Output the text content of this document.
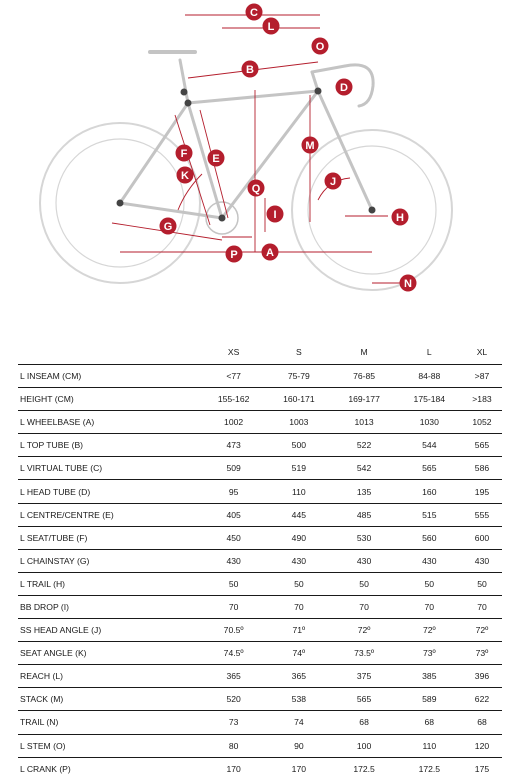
C
L
O
B
D
M
F E
K
Q
J
I	H
G
A
P
N
	XS	S	M	L	XL
L INSEAM (CM)	<77	75-79	76-85	84-88	>87
HEIGHT (CM)	155-162	160-171	169-177	175-184	>183
L WHEELBASE (A)	1002	1003	1013	1030	1052
L TOP TUBE (B)	473	500	522	544	565
L VIRTUAL TUBE (C)	509	519	542	565	586
L HEAD TUBE (D)	95	110	135	160	195
L CENTRE/CENTRE (E)	405	445	485	515	555
L SEAT/TUBE (F)	450	490	530	560	600
L CHAINSTAY (G)	430	430	430	430	430
L TRAIL (H)	50	50	50	50	50
BB DROP (I)	70	70	70	70	70
SS HEAD ANGLE (J)	70.5º	71º	72º	72º	72º
SEAT ANGLE (K)	74.5º	74º	73.5º	73º	73º
REACH (L)	365	365	375	385	396
STACK (M)	520	538	565	589	622
TRAIL (N)	73	74	68	68	68
L STEM (O)	80	90	100	110	120
L CRANK (P)	170	170	172.5	172.5	175
